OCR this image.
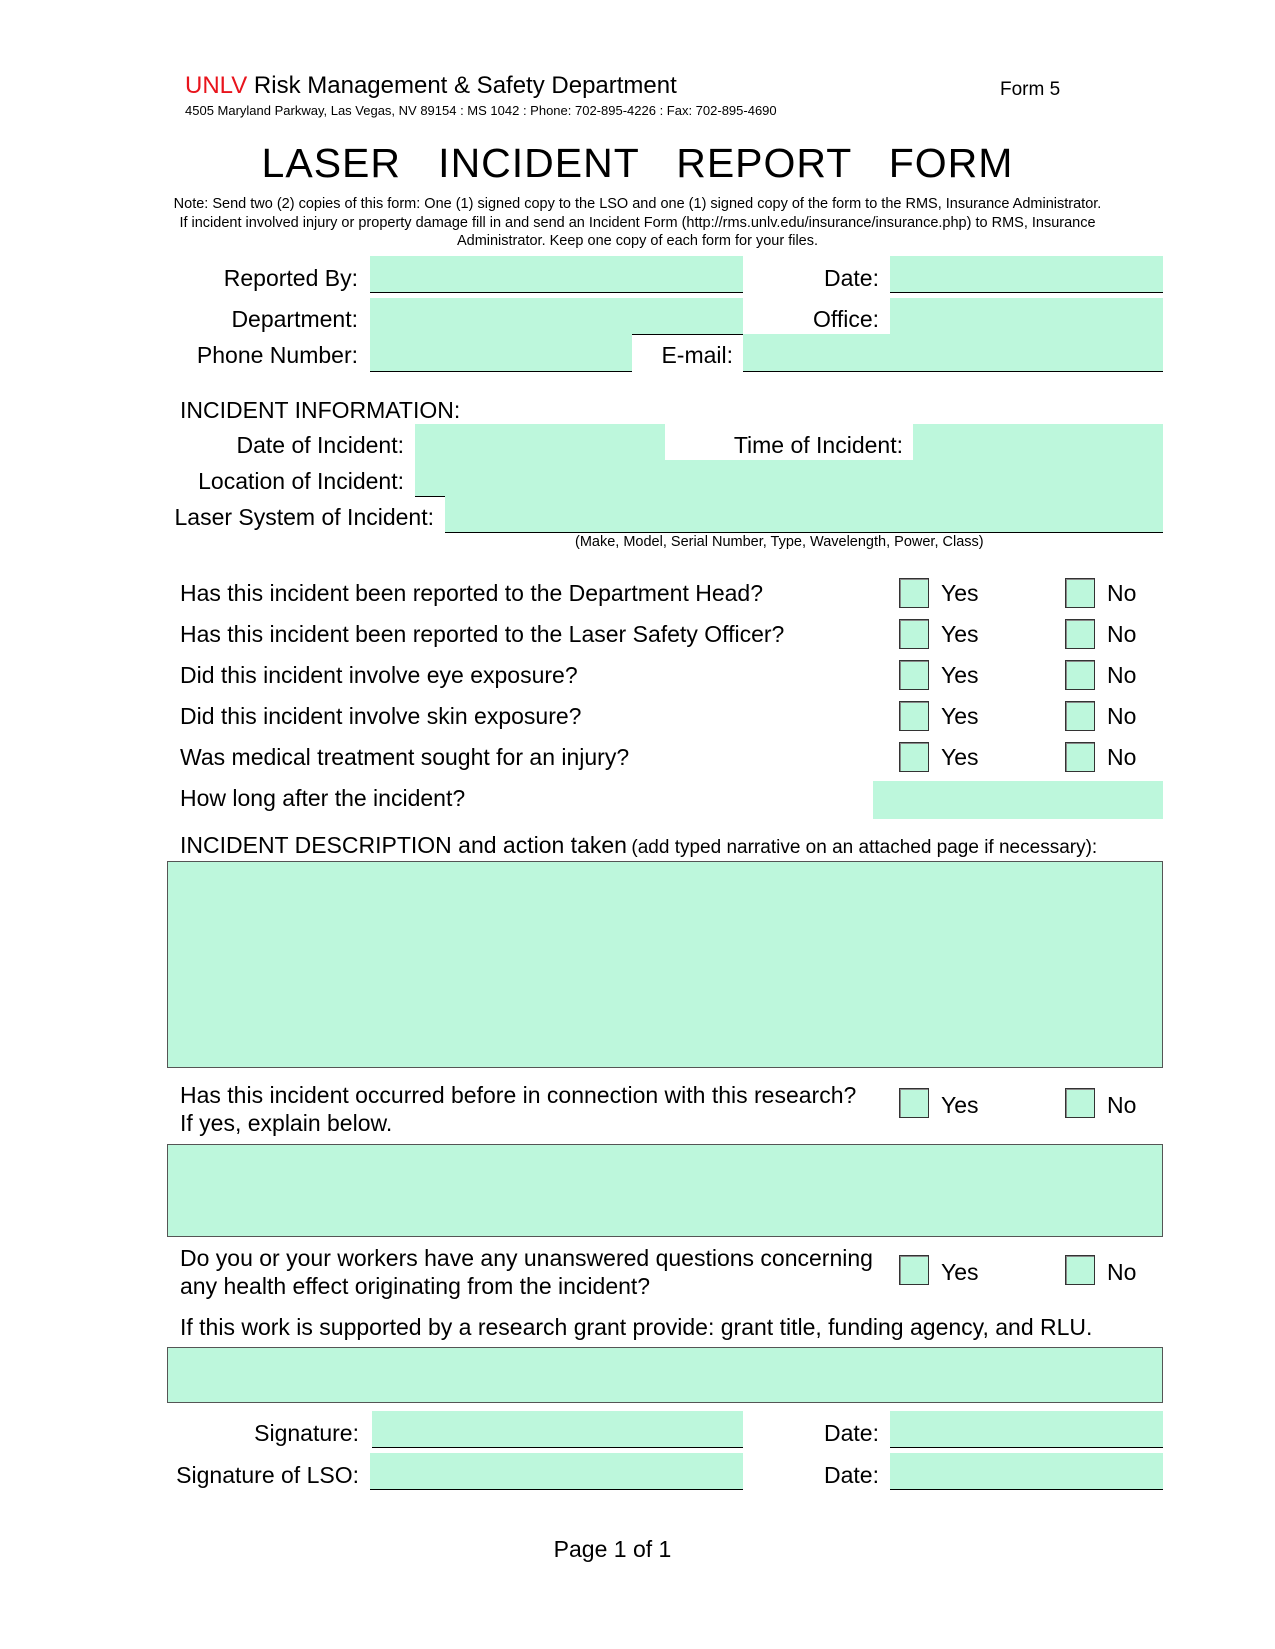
UNLV Risk Management & Safety Department
4505 Maryland Parkway, Las Vegas, NV 89154 : MS 1042 : Phone: 702-895-4226 : Fax: 702-895-4690
Form 5
LASER   INCIDENT   REPORT   FORM
Note: Send two (2) copies of this form: One (1) signed copy to the LSO and one (1) signed copy of the form to the RMS, Insurance Administrator.
If incident involved injury or property damage fill in and send an Incident Form (http://rms.unlv.edu/insurance/insurance.php) to RMS, Insurance
Administrator. Keep one copy of each form for your files.
Reported By:	Date:
Department:	Office:
Phone Number:	E-mail:
INCIDENT INFORMATION:
Date of Incident:	Time of Incident:
Location of Incident:
Laser System of Incident:
(Make, Model, Serial Number, Type, Wavelength, Power, Class)
Has this incident been reported to the Department Head?	Yes	No
Has this incident been reported to the Laser Safety Officer?	Yes	No
Did this incident involve eye exposure?	Yes	No
Did this incident involve skin exposure?	Yes	No
Was medical treatment sought for an injury?	Yes	No
How long after the incident?
INCIDENT DESCRIPTION and action taken (add typed narrative on an attached page if necessary):
Has this incident occurred before in connection with this research?
If yes, explain below.
Yes	No
Do you or your workers have any unanswered questions concerning
any health effect originating from the incident?
Yes	No
If this work is supported by a research grant provide: grant title, funding agency, and RLU.
Signature:	Date:
Signature of LSO:	Date:
Page 1 of 1
